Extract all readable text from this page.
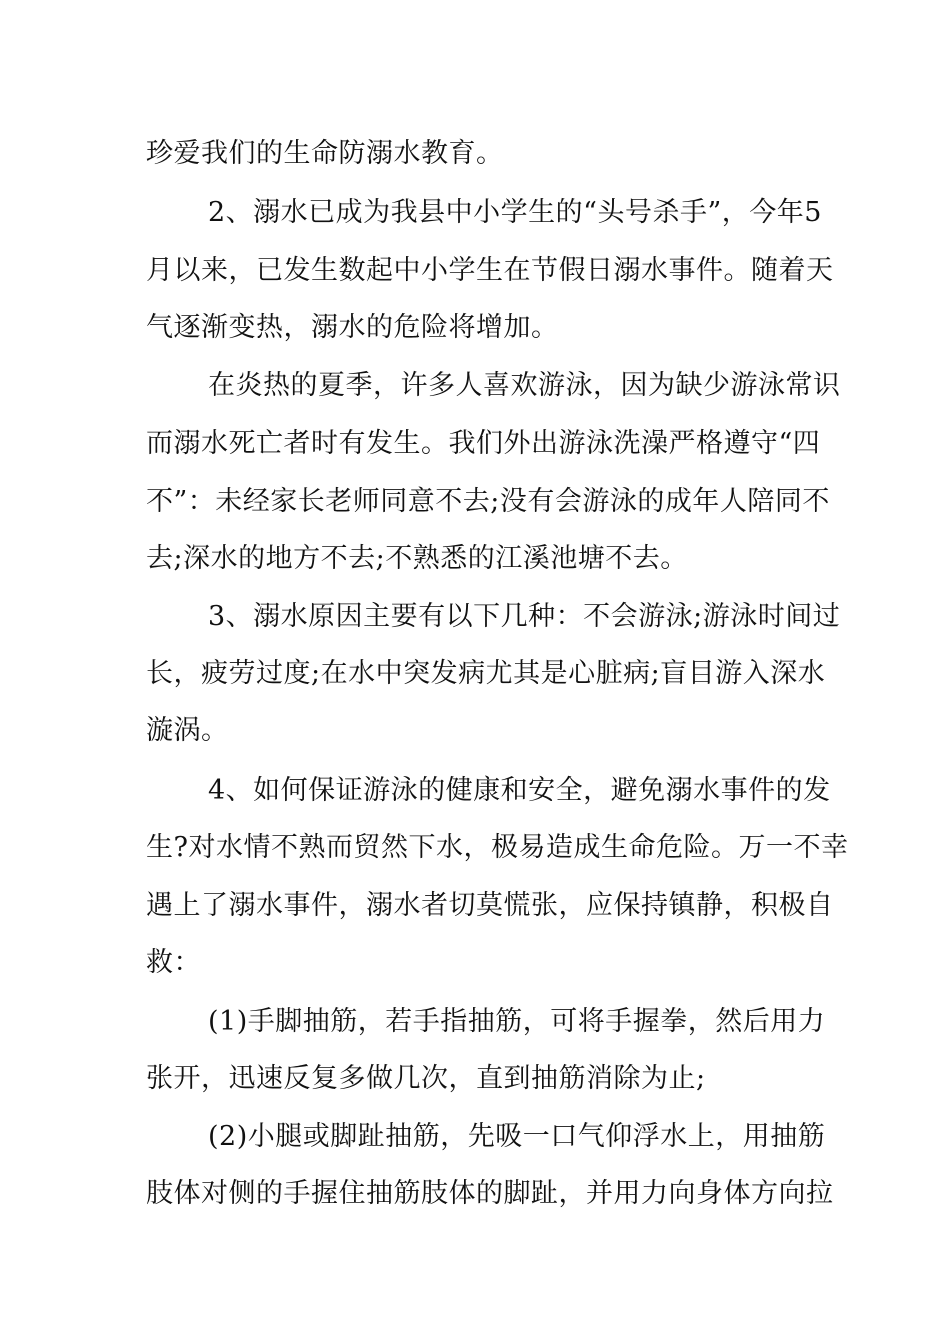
珍爱我们的生命防溺水教育。
2、溺水已成为我县中小学生的“头号杀手”，今年5
月以来，已发生数起中小学生在节假日溺水事件。随着天
气逐渐变热，溺水的危险将增加。
在炎热的夏季，许多人喜欢游泳，因为缺少游泳常识
而溺水死亡者时有发生。我们外出游泳洗澡严格遵守“四
不”：未经家长老师同意不去;没有会游泳的成年人陪同不
去;深水的地方不去;不熟悉的江溪池塘不去。
3、溺水原因主要有以下几种：不会游泳;游泳时间过
长，疲劳过度;在水中突发病尤其是心脏病;盲目游入深水
漩涡。
4、如何保证游泳的健康和安全，避免溺水事件的发
生?对水情不熟而贸然下水，极易造成生命危险。万一不幸
遇上了溺水事件，溺水者切莫慌张，应保持镇静，积极自
救：
(1)手脚抽筋，若手指抽筋，可将手握拳，然后用力
张开，迅速反复多做几次，直到抽筋消除为止;
(2)小腿或脚趾抽筋，先吸一口气仰浮水上，用抽筋
肢体对侧的手握住抽筋肢体的脚趾，并用力向身体方向拉
